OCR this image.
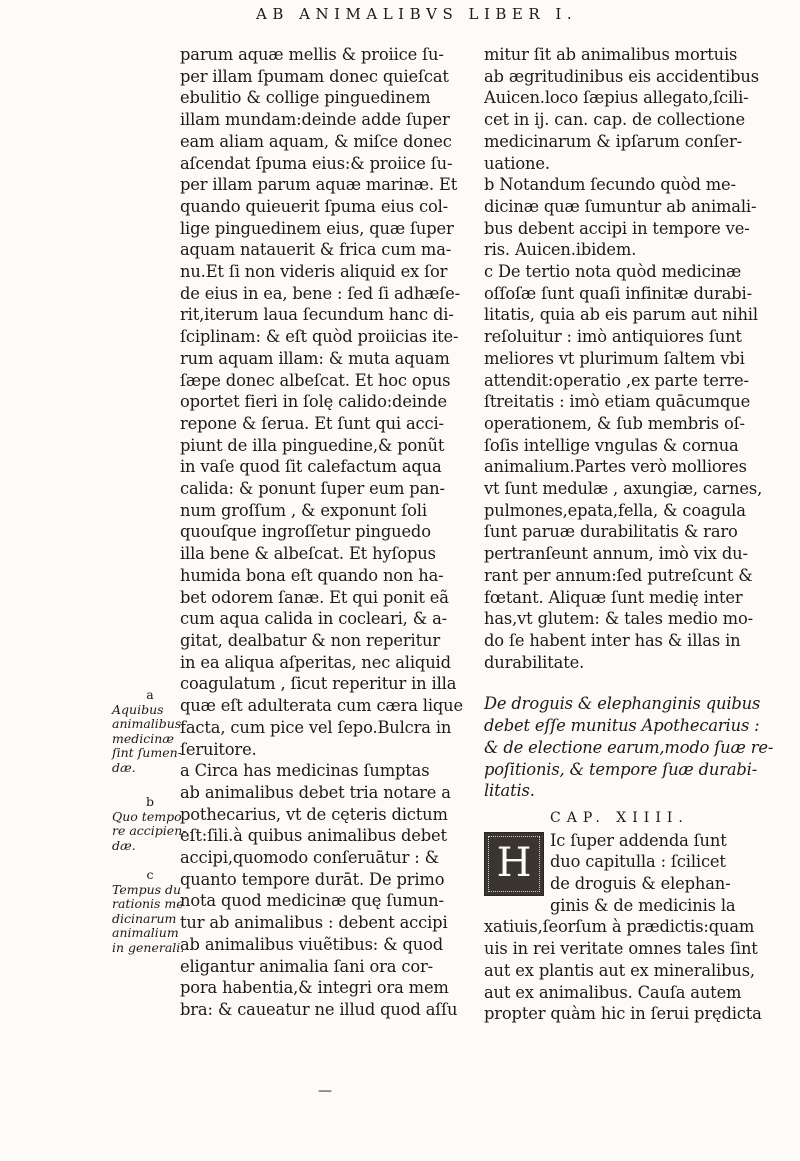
AB ANIMALIBVS LIBER I.
parum aquæ mellis & proiice ſu-
per illam ſpumam donec quieſcat
ebulitio & collige pinguedinem
illam mundam:deinde adde ſuper
eam aliam aquam, & miſce donec
aſcendat ſpuma eius:& proiice ſu-
per illam parum aquæ marinæ. Et
quando quieuerit ſpuma eius col-
lige pinguedinem eius, quæ ſuper
aquam natauerit & frica cum ma-
nu.Et ſi non videris aliquid ex ſor
de eius in ea, bene : ſed ſi adhæſe-
rit,iterum laua ſecundum hanc di-
ſciplinam: & eſt quòd proiicias ite-
rum aquam illam: & muta aquam
ſæpe donec albeſcat. Et hoc opus
oportet fieri in ſolę calido:deinde
repone & ſerua. Et ſunt qui acci-
piunt de illa pinguedine,& ponũt
in vaſe quod ſit calefactum aqua
calida: & ponunt ſuper eum pan-
num groſſum , & exponunt ſoli
quouſque ingroſſetur pinguedo
illa bene & albeſcat. Et hyſopus
humida bona eſt quando non ha-
bet odorem ſanæ. Et qui ponit eã
cum aqua calida in cocleari, & a-
gitat, dealbatur & non reperitur
in ea aliqua aſperitas, nec aliquid
coagulatum , ſicut reperitur in illa
quæ eſt adulterata cum cæra lique
facta, cum pice vel ſepo.Bulcra in
ſeruitore.
a Circa has medicinas ſumptas
ab animalibus debet tria notare a
pothecarius, vt de cęteris dictum
eſt:ſili.à quibus animalibus debet
accipi,quomodo conſeruātur : &
quanto tempore durāt. De primo
nota quod medicinæ quę ſumun-
tur ab animalibus : debent accipi
ab animalibus viuẽtibus: & quod
eligantur animalia ſani ora cor-
pora habentia,& integri ora mem
bra: & caueatur ne illud quod aſſu
mitur ſit ab animalibus mortuis
ab ægritudinibus eis accidentibus
Auicen.loco ſæpius allegato,ſcili-
cet in ij. can. cap. de collectione
medicinarum & ipſarum conſer-
uatione.
b Notandum ſecundo quòd me-
dicinæ quæ ſumuntur ab animali-
bus debent accipi in tempore ve-
ris. Auicen.ibidem.
c De tertio nota quòd medicinæ
oſſoſæ ſunt quaſi infinitæ durabi-
litatis, quia ab eis parum aut nihil
reſoluitur : imò antiquiores ſunt
meliores vt plurimum ſaltem vbi
attendit:operatio ,ex parte terre-
ſtreitatis : imò etiam quācumque
operationem, & ſub membris oſ-
ſoſis intellige vngulas & cornua
animalium.Partes verò molliores
vt ſunt medulæ , axungiæ, carnes,
pulmones,epata,fella, & coagula
ſunt paruæ durabilitatis & raro
pertranſeunt annum, imò vix du-
rant per annum:ſed putreſcunt &
fœtant. Aliquæ ſunt medię inter
has,vt glutem: & tales medio mo-
do ſe habent inter has & illas in
durabilitate.
De droguis & elephanginis quibus
debet eſſe munitus Apothecarius :
& de electione earum,modo ſuæ re-
poſitionis, & tempore ſuæ durabi-
litatis.
CAP. XIIII.
H	Ic ſuper addenda ſunt
duo capitulla : ſcilicet
de droguis & elephan-
ginis & de medicinis la
xatiuis,ſeorſum à prædictis:quam
uis in rei veritate omnes tales ſint
aut ex plantis aut ex mineralibus,
aut ex animalibus. Cauſa autem
propter quàm hic in ſerui prędicta
a
Aquibus
animalibus
medicinæ
ſint ſumen-
dæ.
b
Quo tempo
re accipien-
dæ.
c
Tempus du
rationis me
dicinarum
animalium
in generali.
—
